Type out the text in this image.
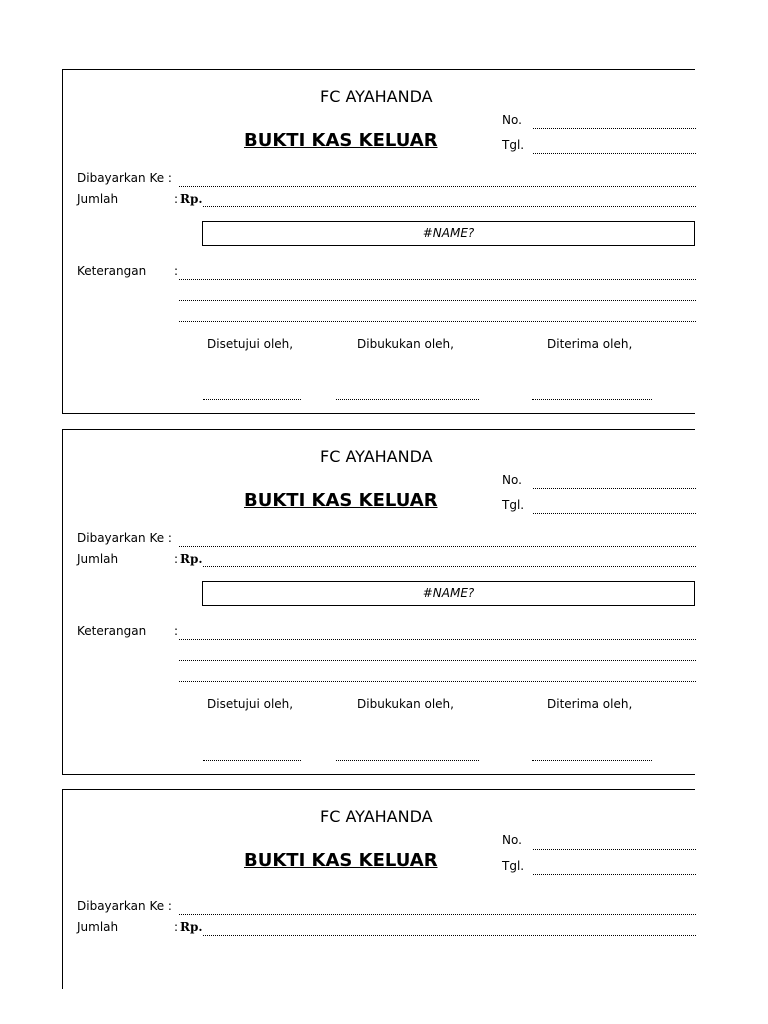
FC AYAHANDA
BUKTI KAS KELUAR
No.
Tgl.
Dibayarkan Ke :
Jumlah	: Rp.
#NAME?
Keterangan :
Disetujui oleh,	Dibukukan oleh,	Diterima oleh,
FC AYAHANDA
BUKTI KAS KELUAR
No.
Tgl.
Dibayarkan Ke :
Jumlah	: Rp.
#NAME?
Keterangan :
Disetujui oleh,	Dibukukan oleh,	Diterima oleh,
FC AYAHANDA
BUKTI KAS KELUAR
No.
Tgl.
Dibayarkan Ke :
Jumlah	: Rp.
